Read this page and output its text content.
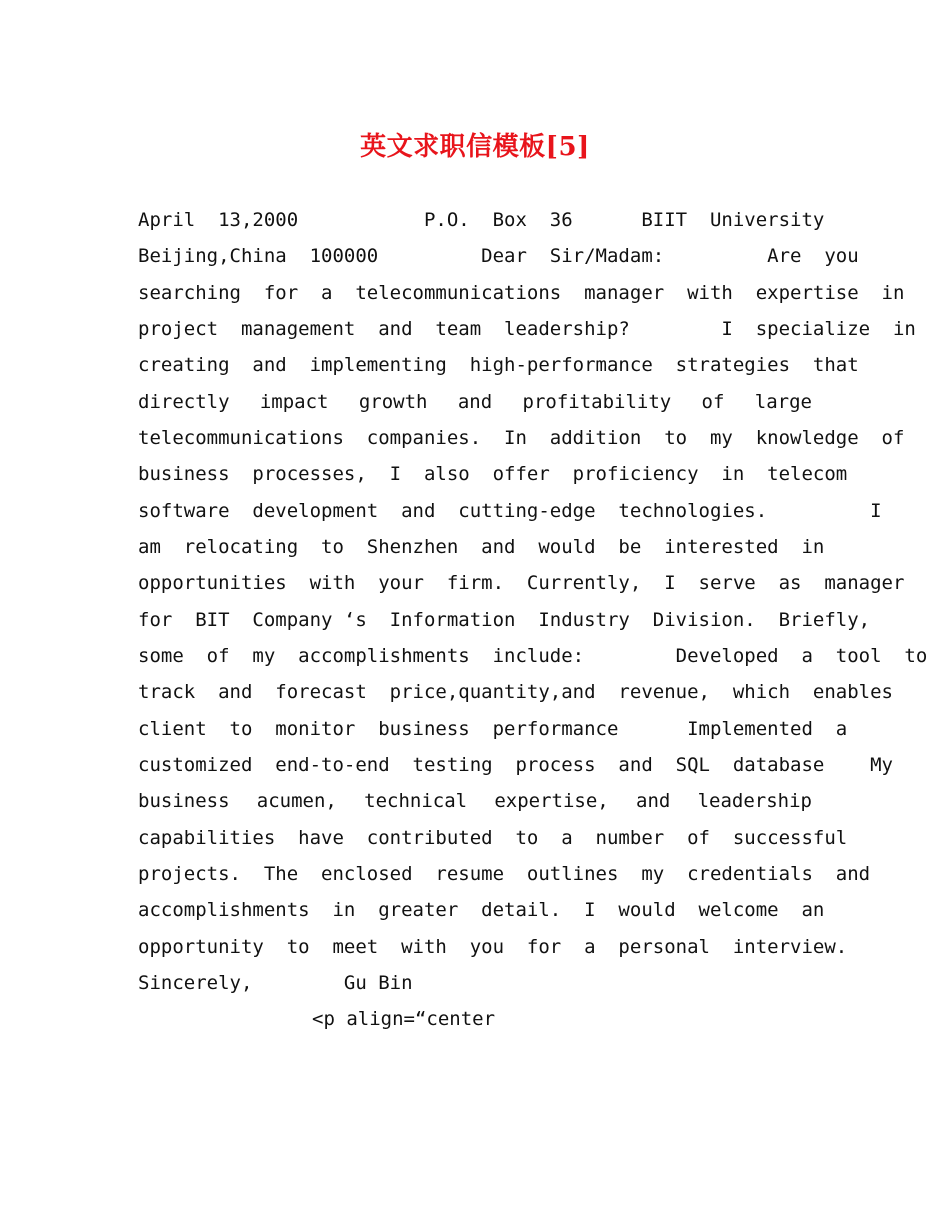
英文求职信模板[5]

April  13,2000           P.O.  Box  36      BIIT  University

Beijing,China  100000         Dear  Sir/Madam:         Are  you

searching  for  a  telecommunications  manager  with  expertise  in

project  management  and  team  leadership?        I  specialize  in

creating  and  implementing  high-performance  strategies  that

directly  impact  growth  and  profitability  of  large

telecommunications  companies.  In  addition  to  my  knowledge  of

business  processes,  I  also  offer  proficiency  in  telecom

software  development  and  cutting-edge  technologies.         I

am  relocating  to  Shenzhen  and  would  be  interested  in

opportunities  with  your  firm.  Currently,  I  serve  as  manager

for  BIT  Company ‘s  Information  Industry  Division.  Briefly,

some  of  my  accomplishments  include:        Developed  a  tool  to

track  and  forecast  price,quantity,and  revenue,  which  enables

client  to  monitor  business  performance      Implemented  a

customized  end-to-end  testing  process  and  SQL  database    My

business  acumen,  technical  expertise,  and  leadership

capabilities  have  contributed  to  a  number  of  successful

projects.  The  enclosed  resume  outlines  my  credentials  and

accomplishments  in  greater  detail.  I  would  welcome  an

opportunity  to  meet  with  you  for  a  personal  interview.

Sincerely,        Gu Bin

<p align=“center
